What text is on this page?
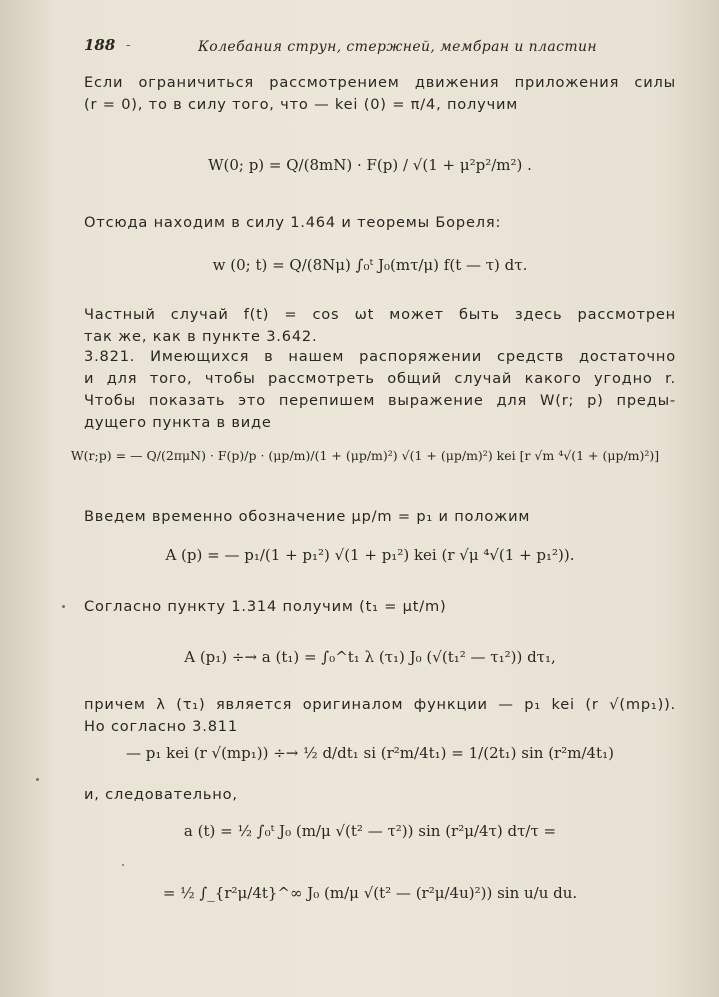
188 -	Колебания струн, стержней, мембран и пластин
Если ограничиться рассмотрением движения приложения силы
(r = 0), то в силу того, что — kei (0) = π/4, получим
W(0; p) = Q/(8mN) · F(p) / √(1 + μ²p²/m²) .
Отсюда находим в силу 1.464 и теоремы Бореля:
w (0; t) = Q/(8Nμ) ∫₀ᵗ J₀(mτ/μ) f(t — τ) dτ.
Частный случай f(t) = cos ωt может быть здесь рассмотрен
так же, как в пункте 3.642.
3.821. Имеющихся в нашем распоряжении средств достаточно
и для того, чтобы рассмотреть общий случай какого угодно r.
Чтобы показать это перепишем выражение для W(r; p) преды-
дущего пункта в виде
W(r;p) = — Q/(2πμN) · F(p)/p · (μp/m)/(1 + (μp/m)²) √(1 + (μp/m)²) kei [r √m ⁴√(1 + (μp/m)²)]
Введем временно обозначение μp/m = p₁ и положим
A (p) = — p₁/(1 + p₁²) √(1 + p₁²) kei (r √μ ⁴√(1 + p₁²)).
Согласно пункту 1.314 получим (t₁ = μt/m)
A (p₁) ÷→ a (t₁) = ∫₀^t₁ λ (τ₁) J₀ (√(t₁² — τ₁²)) dτ₁,
причем λ (τ₁) является оригиналом функции — p₁ kei (r √(mp₁)).
Но согласно 3.811
— p₁ kei (r √(mp₁)) ÷→ ½ d/dt₁ si (r²m/4t₁) = 1/(2t₁) sin (r²m/4t₁)
и, следовательно,
a (t) = ½ ∫₀ᵗ J₀ (m/μ √(t² — τ²)) sin (r²μ/4τ) dτ/τ =
= ½ ∫_{r²μ/4t}^∞ J₀ (m/μ √(t² — (r²μ/4u)²)) sin u/u du.
